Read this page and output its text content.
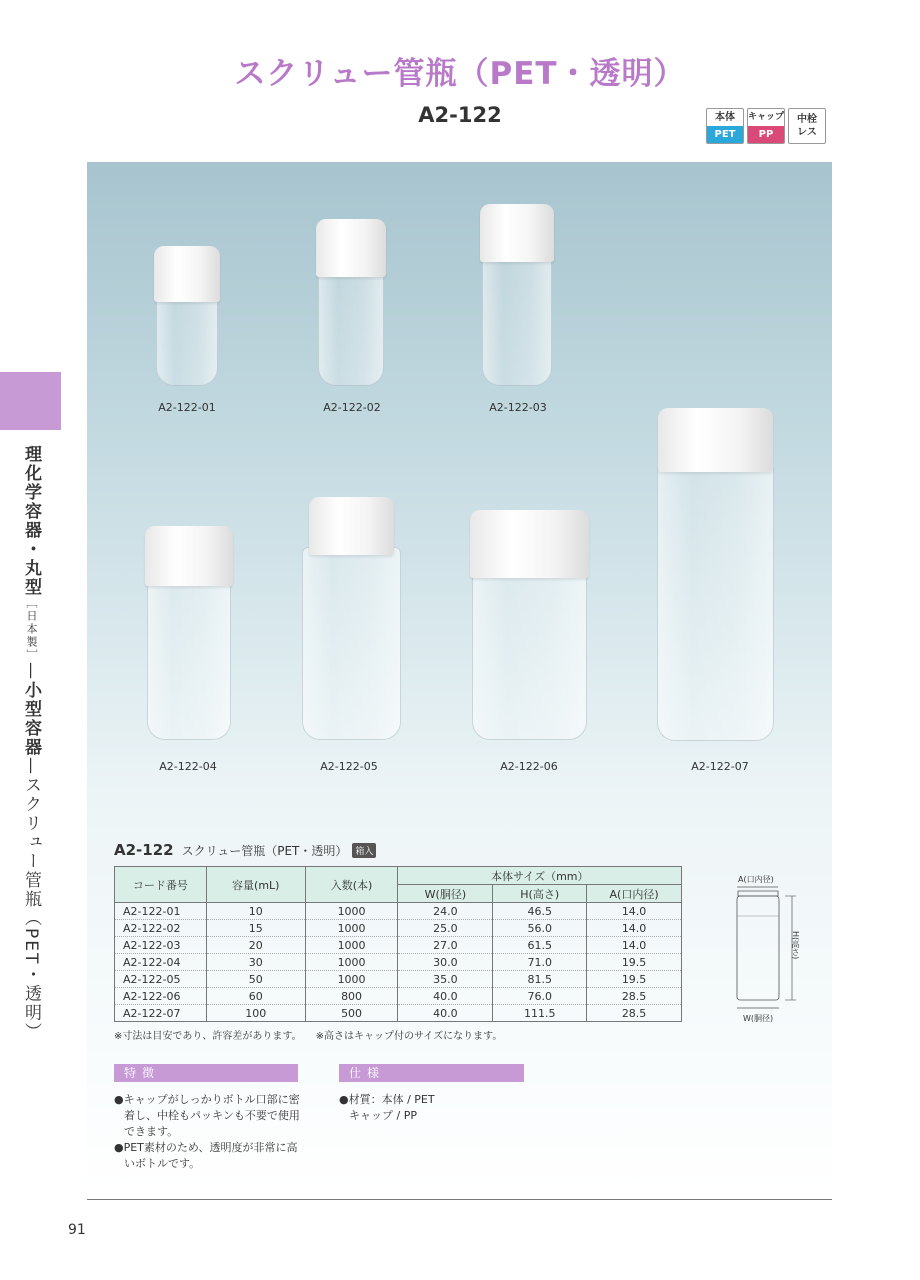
スクリュー管瓶（PET・透明）
A2-122	本体
PET
キャップ
PP
中栓
レス
理化学容器・丸型［日本製］—小型容器—スクリュー管瓶（PET・透明）
A2-122-01	A2-122-02	A2-122-03
A2-122-04	A2-122-05	A2-122-06	A2-122-07
A2-122 スクリュー管瓶（PET・透明） 箱入
コード番号	容量(mL)	入数(本)	本体サイズ（mm）		
			W(胴径)	H(高さ)	A(口内径)
A2-122-01	10	1000	24.0	46.5	14.0
A2-122-02	15	1000	25.0	56.0	14.0
A2-122-03	20	1000	27.0	61.5	14.0
A2-122-04	30	1000	30.0	71.0	19.5
A2-122-05	50	1000	35.0	81.5	19.5
A2-122-06	60	800	40.0	76.0	28.5
A2-122-07	100	500	40.0	111.5	28.5
※寸法は目安であり、許容差があります。 ※高さはキャップ付のサイズになります。
A(口内径)
H(高さ)
W(胴径)
特徴
●キャップがしっかりボトル口部に密
着し、中栓もパッキンも不要で使用
できます。
●PET素材のため、透明度が非常に高
いボトルです。
仕様
●材質：本体 / PET
キャップ / PP
91
